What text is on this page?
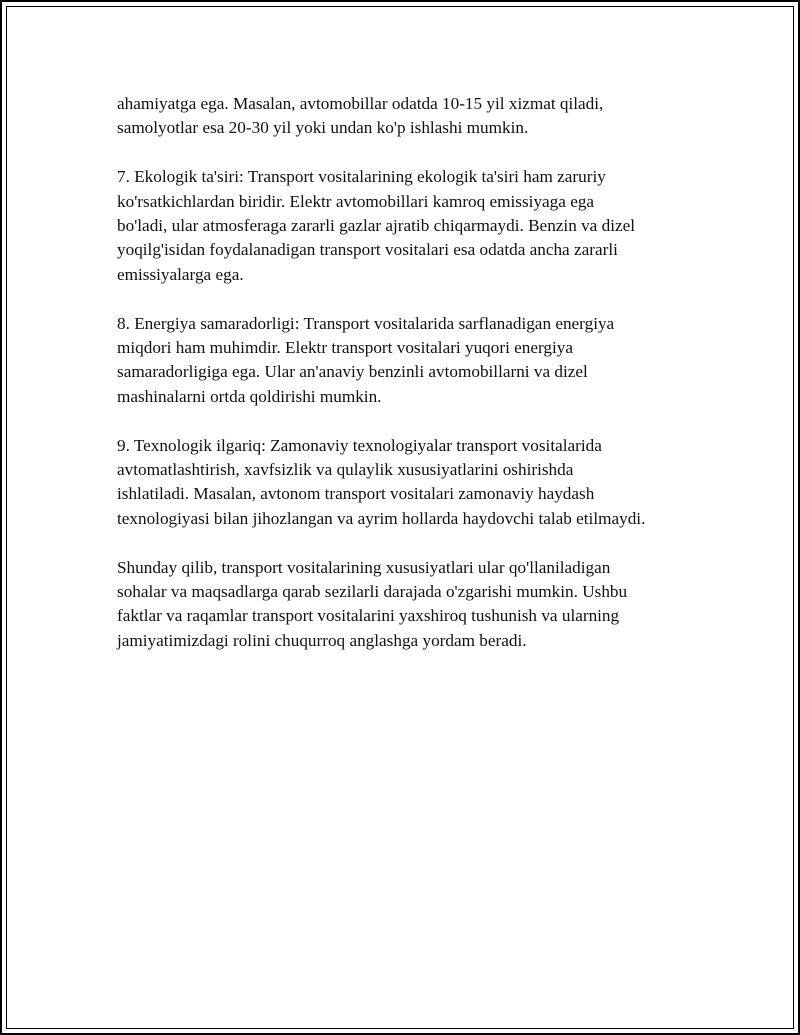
ahamiyatga ega. Masalan, avtomobillar odatda 10-15 yil xizmat qiladi,
samolyotlar esa 20-30 yil yoki undan ko'p ishlashi mumkin.

7. Ekologik ta'siri: Transport vositalarining ekologik ta'siri ham zaruriy
ko'rsatkichlardan biridir. Elektr avtomobillari kamroq emissiyaga ega
bo'ladi, ular atmosferaga zararli gazlar ajratib chiqarmaydi. Benzin va dizel
yoqilg'isidan foydalanadigan transport vositalari esa odatda ancha zararli
emissiyalarga ega.

8. Energiya samaradorligi: Transport vositalarida sarflanadigan energiya
miqdori ham muhimdir. Elektr transport vositalari yuqori energiya
samaradorligiga ega. Ular an'anaviy benzinli avtomobillarni va dizel
mashinalarni ortda qoldirishi mumkin.

9. Texnologik ilgariq: Zamonaviy texnologiyalar transport vositalarida
avtomatlashtirish, xavfsizlik va qulaylik xususiyatlarini oshirishda
ishlatiladi. Masalan, avtonom transport vositalari zamonaviy haydash
texnologiyasi bilan jihozlangan va ayrim hollarda haydovchi talab etilmaydi.

Shunday qilib, transport vositalarining xususiyatlari ular qo'llaniladigan
sohalar va maqsadlarga qarab sezilarli darajada o'zgarishi mumkin. Ushbu
faktlar va raqamlar transport vositalarini yaxshiroq tushunish va ularning
jamiyatimizdagi rolini chuqurroq anglashga yordam beradi.
